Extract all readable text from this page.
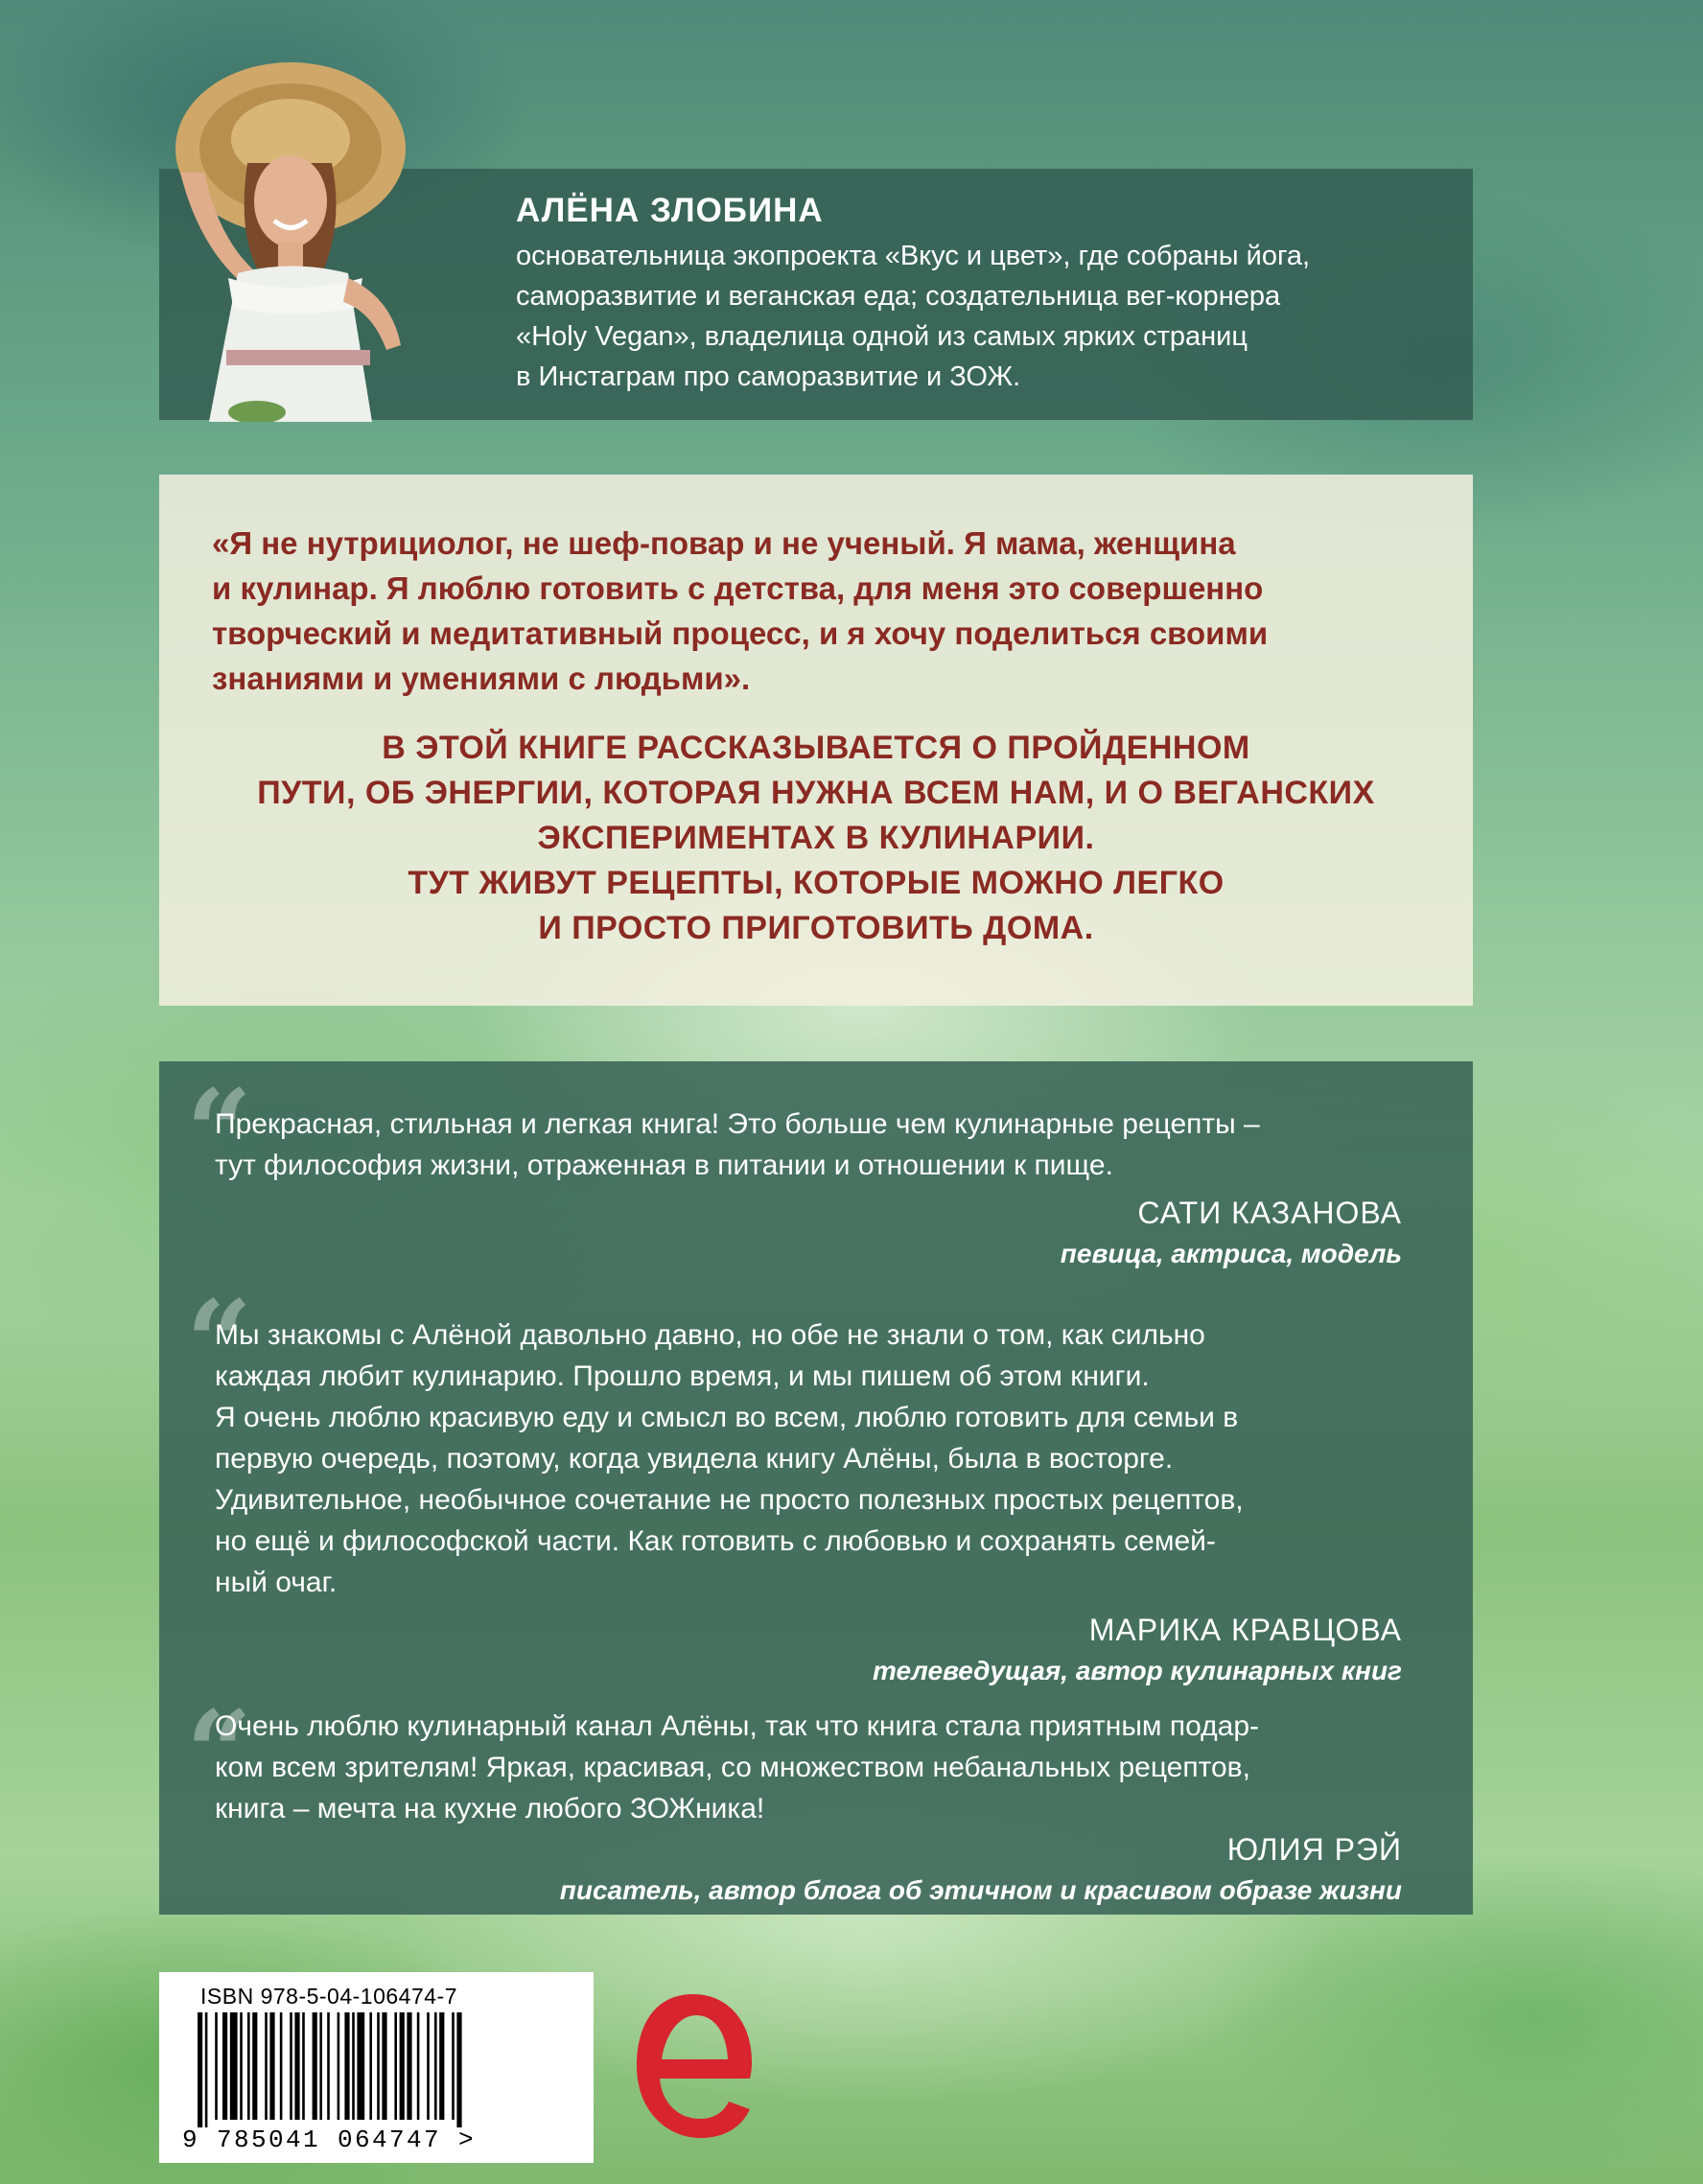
АЛЁНА ЗЛОБИНА

основательница экопроекта «Вкус и цвет», где собраны йога,
саморазвитие и веганская еда; создательница вег-корнера
«Holy Vegan», владелица одной из самых ярких страниц
в Инстаграм про саморазвитие и ЗОЖ.

«Я не нутрициолог, не шеф-повар и не ученый. Я мама, женщина
и кулинар. Я люблю готовить с детства, для меня это совершенно
творческий и медитативный процесс, и я хочу поделиться своими
знаниями и умениями с людьми».

В ЭТОЙ КНИГЕ РАССКАЗЫВАЕТСЯ О ПРОЙДЕННОМ
ПУТИ, ОБ ЭНЕРГИИ, КОТОРАЯ НУЖНА ВСЕМ НАМ, И О ВЕГАНСКИХ
ЭКСПЕРИМЕНТАХ В КУЛИНАРИИ.
ТУТ ЖИВУТ РЕЦЕПТЫ, КОТОРЫЕ МОЖНО ЛЕГКО
И ПРОСТО ПРИГОТОВИТЬ ДОМА.

“

Прекрасная, стильная и легкая книга! Это больше чем кулинарные рецепты –
тут философия жизни, отраженная в питании и отношении к пище.

САТИ КАЗАНОВА

певица, актриса, модель

“

Мы знакомы с Алёной давольно давно, но обе не знали о том, как сильно
каждая любит кулинарию. Прошло время, и мы пишем об этом книги.
Я очень люблю красивую еду и смысл во всем, люблю готовить для семьи в
первую очередь, поэтому, когда увидела книгу Алёны, была в восторге.
Удивительное, необычное сочетание не просто полезных простых рецептов,
но ещё и философской части. Как готовить с любовью и сохранять семей-
ный очаг.

МАРИКА КРАВЦОВА

телеведущая, автор кулинарных книг

“

Очень люблю кулинарный канал Алёны, так что книга стала приятным подар-
ком всем зрителям! Яркая, красивая, со множеством небанальных рецептов,
книга – мечта на кухне любого ЗОЖника!

ЮЛИЯ РЭЙ

писатель, автор блога об этичном и красивом образе жизни

ISBN 978-5-04-106474-7
9 785041 064747 >
